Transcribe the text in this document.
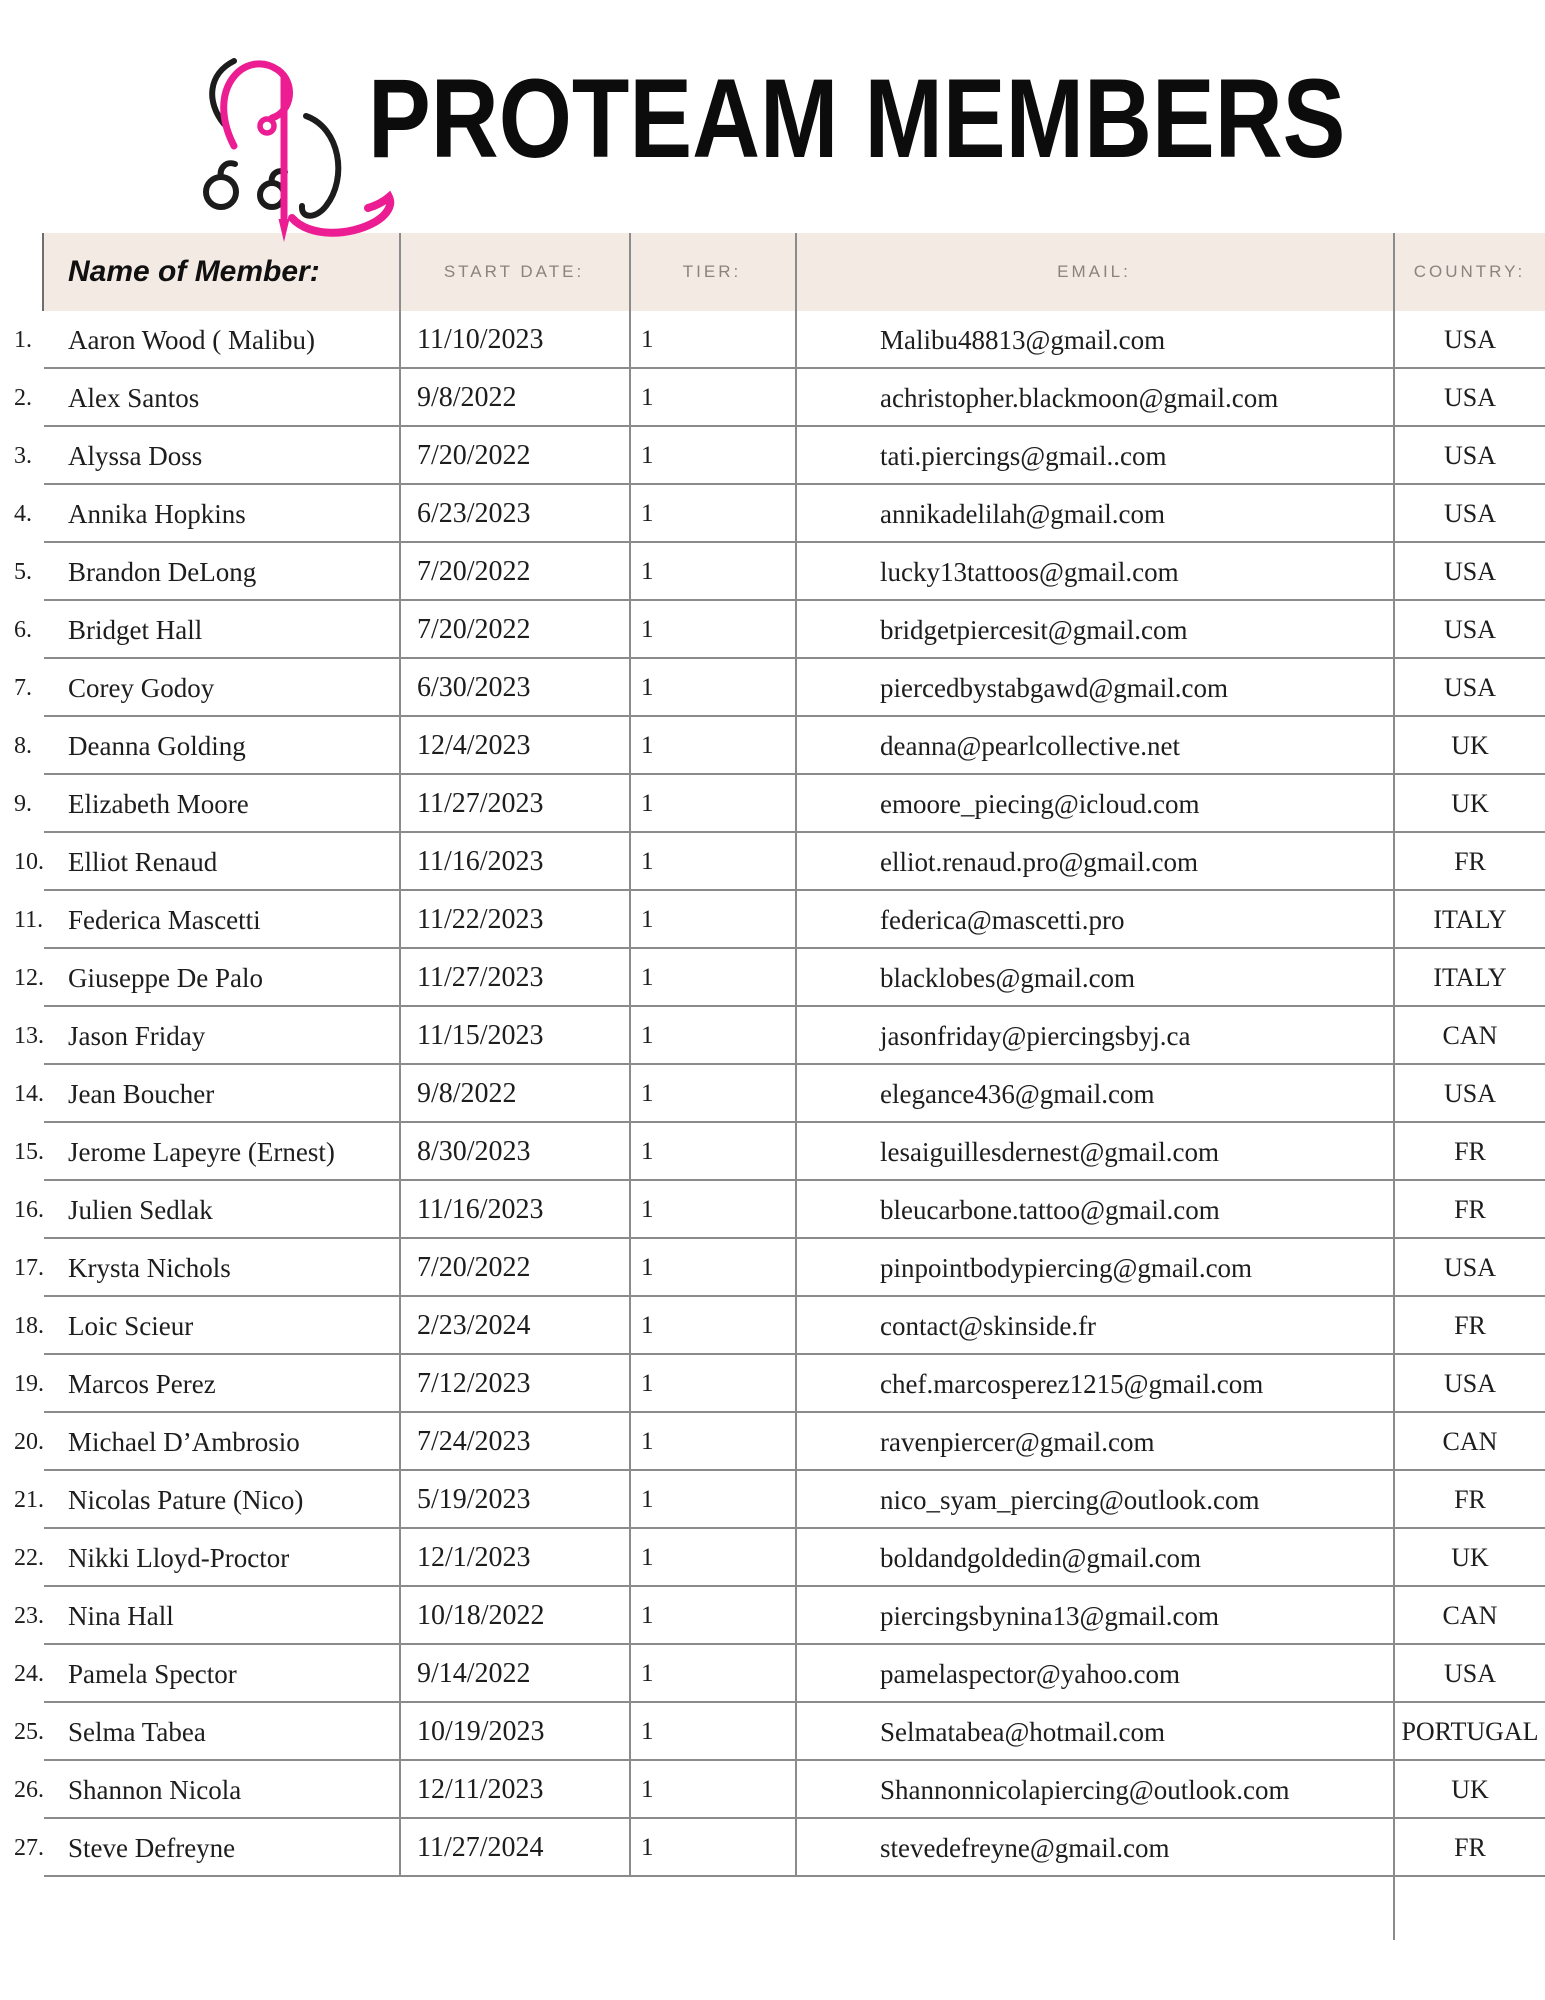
PROTEAM MEMBERS
Name of Member:	START DATE:	TIER:	EMAIL:	COUNTRY:
1.	Aaron Wood ( Malibu)	11/10/2023	1	Malibu48813@gmail.com	USA
2.	Alex Santos	9/8/2022	1	achristopher.blackmoon@gmail.com	USA
3.	Alyssa Doss	7/20/2022	1	tati.piercings@gmail..com	USA
4.	Annika Hopkins	6/23/2023	1	annikadelilah@gmail.com	USA
5.	Brandon DeLong	7/20/2022	1	lucky13tattoos@gmail.com	USA
6.	Bridget Hall	7/20/2022	1	bridgetpiercesit@gmail.com	USA
7.	Corey Godoy	6/30/2023	1	piercedbystabgawd@gmail.com	USA
8.	Deanna Golding	12/4/2023	1	deanna@pearlcollective.net	UK
9.	Elizabeth Moore	11/27/2023	1	emoore_piecing@icloud.com	UK
10. Elliot Renaud	11/16/2023	1	elliot.renaud.pro@gmail.com	FR
11. Federica Mascetti	11/22/2023	1	federica@mascetti.pro	ITALY
12. Giuseppe De Palo	11/27/2023	1	blacklobes@gmail.com	ITALY
13. Jason Friday	11/15/2023	1	jasonfriday@piercingsbyj.ca	CAN
14. Jean Boucher	9/8/2022	1	elegance436@gmail.com	USA
15. Jerome Lapeyre (Ernest)	8/30/2023	1	lesaiguillesdernest@gmail.com	FR
16. Julien Sedlak	11/16/2023	1	bleucarbone.tattoo@gmail.com	FR
17. Krysta Nichols	7/20/2022	1	pinpointbodypiercing@gmail.com	USA
18. Loic Scieur	2/23/2024	1	contact@skinside.fr	FR
19. Marcos Perez	7/12/2023	1	chef.marcosperez1215@gmail.com	USA
20. Michael D’Ambrosio	7/24/2023	1	ravenpiercer@gmail.com	CAN
21. Nicolas Pature (Nico)	5/19/2023	1	nico_syam_piercing@outlook.com	FR
22. Nikki Lloyd-Proctor	12/1/2023	1	boldandgoldedin@gmail.com	UK
23. Nina Hall	10/18/2022	1	piercingsbynina13@gmail.com	CAN
24. Pamela Spector	9/14/2022	1	pamelaspector@yahoo.com	USA
25. Selma Tabea	10/19/2023	1	Selmatabea@hotmail.com	PORTUGAL
26. Shannon Nicola	12/11/2023	1	Shannonnicolapiercing@outlook.com	UK
27. Steve Defreyne	11/27/2024	1	stevedefreyne@gmail.com	FR
